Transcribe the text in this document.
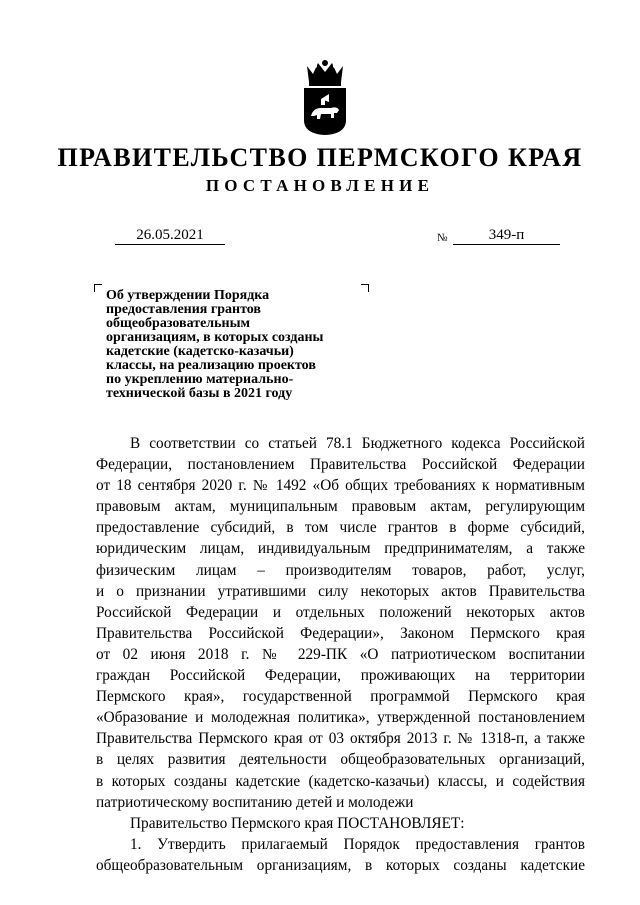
ПРАВИТЕЛЬСТВО ПЕРМСКОГО КРАЯ
ПОСТАНОВЛЕНИЕ
26.05.2021	№	349-п
Об утверждении Порядка
предоставления грантов
общеобразовательным
организациям, в которых созданы
кадетские (кадетско-казачьи)
классы, на реализацию проектов
по укреплению материально-
технической базы в 2021 году
В соответствии со статьей 78.1 Бюджетного кодекса Российской
Федерации, постановлением Правительства Российской Федерации
от 18 сентября 2020 г. № 1492 «Об общих требованиях к нормативным
правовым актам, муниципальным правовым актам, регулирующим
предоставление субсидий, в том числе грантов в форме субсидий,
юридическим лицам, индивидуальным предпринимателям, а также
физическим лицам – производителям товаров, работ, услуг,
и о признании утратившими силу некоторых актов Правительства
Российской Федерации и отдельных положений некоторых актов
Правительства Российской Федерации», Законом Пермского края
от 02 июня 2018 г. № 229-ПК «О патриотическом воспитании
граждан Российской Федерации, проживающих на территории
Пермского края», государственной программой Пермского края
«Образование и молодежная политика», утвержденной постановлением
Правительства Пермского края от 03 октября 2013 г. № 1318-п, а также
в целях развития деятельности общеобразовательных организаций,
в которых созданы кадетские (кадетско-казачьи) классы, и содействия
патриотическому воспитанию детей и молодежи
Правительство Пермского края ПОСТАНОВЛЯЕТ:
1. Утвердить прилагаемый Порядок предоставления грантов
общеобразовательным организациям, в которых созданы кадетские
